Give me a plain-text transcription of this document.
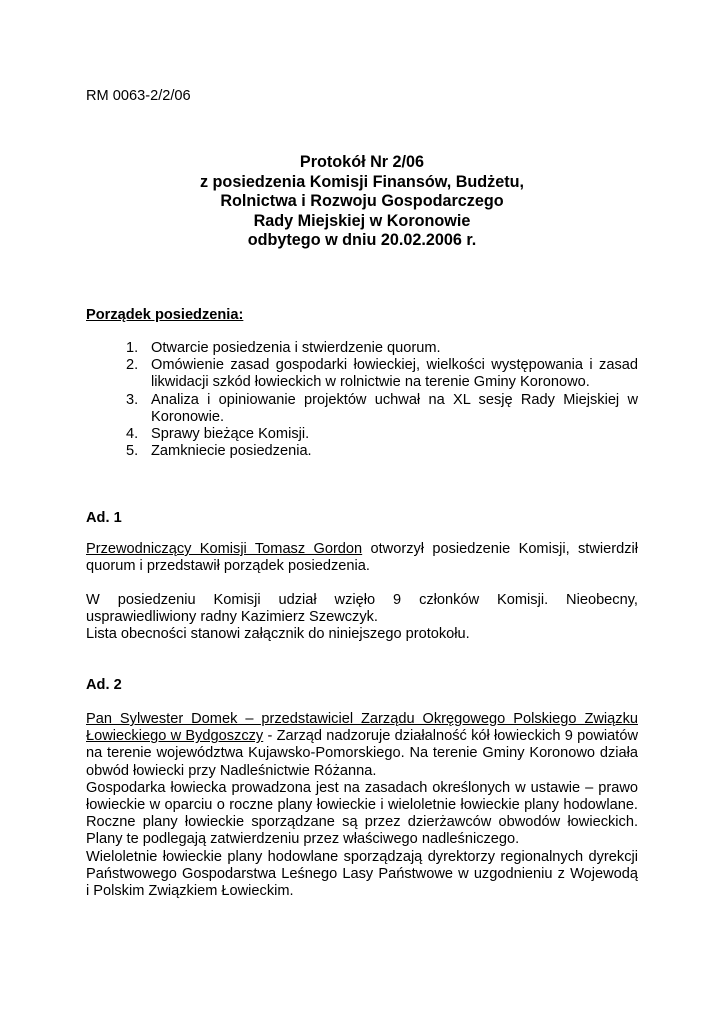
RM 0063-2/2/06
Protokół Nr 2/06
z posiedzenia Komisji Finansów, Budżetu,
Rolnictwa i Rozwoju Gospodarczego
Rady Miejskiej w Koronowie
odbytego w dniu 20.02.2006 r.
Porządek posiedzenia:
1. Otwarcie posiedzenia i stwierdzenie quorum.
2. Omówienie zasad gospodarki łowieckiej, wielkości występowania i zasad likwidacji szkód łowieckich w rolnictwie na terenie Gminy Koronowo.
3. Analiza i opiniowanie projektów uchwał na XL sesję Rady Miejskiej w Koronowie.
4. Sprawy bieżące Komisji.
5. Zamkniecie posiedzenia.
Ad. 1
Przewodniczący Komisji Tomasz Gordon otworzył posiedzenie Komisji, stwierdził
quorum i przedstawił porządek posiedzenia.
W posiedzeniu Komisji udział wzięło 9 członków Komisji. Nieobecny,
usprawiedliwiony radny Kazimierz Szewczyk.
Lista obecności stanowi załącznik do niniejszego protokołu.
Ad. 2
Pan Sylwester Domek – przedstawiciel Zarządu Okręgowego Polskiego Związku
Łowieckiego w Bydgoszczy - Zarząd nadzoruje działalność kół łowieckich 9 powiatów
na terenie województwa Kujawsko-Pomorskiego. Na terenie Gminy Koronowo działa
obwód łowiecki przy Nadleśnictwie Różanna.
Gospodarka łowiecka prowadzona jest na zasadach określonych w ustawie – prawo
łowieckie w oparciu o roczne plany łowieckie i wieloletnie łowieckie plany hodowlane.
Roczne plany łowieckie sporządzane są przez dzierżawców obwodów łowieckich.
Plany te podlegają zatwierdzeniu przez właściwego nadleśniczego.
Wieloletnie łowieckie plany hodowlane sporządzają dyrektorzy regionalnych dyrekcji
Państwowego Gospodarstwa Leśnego Lasy Państwowe w uzgodnieniu z Wojewodą
i Polskim Związkiem Łowieckim.
